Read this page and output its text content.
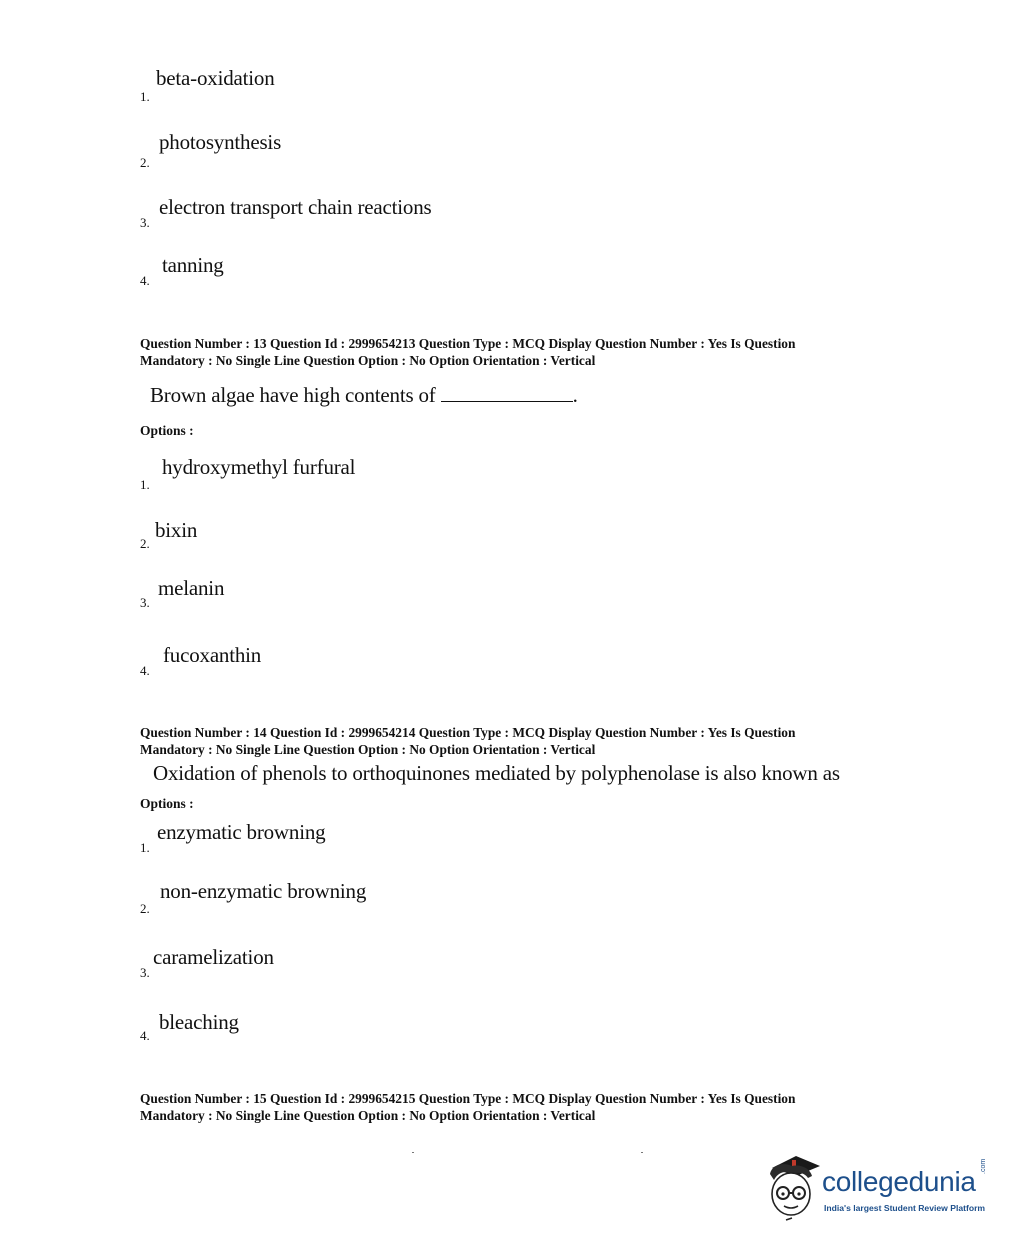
beta-oxidation
1.
photosynthesis
2.
electron transport chain reactions
3.
tanning
4.
Question Number : 13 Question Id : 2999654213 Question Type : MCQ Display Question Number : Yes Is Question
Mandatory : No Single Line Question Option : No Option Orientation : Vertical
Brown algae have high contents of	.
Options :
hydroxymethyl furfural
1.
bixin
2.
melanin
3.
fucoxanthin
4.
Question Number : 14 Question Id : 2999654214 Question Type : MCQ Display Question Number : Yes Is Question
Mandatory : No Single Line Question Option : No Option Orientation : Vertical
Oxidation of phenols to orthoquinones mediated by polyphenolase is also known as
Options :
enzymatic browning
1.
non-enzymatic browning
2.
caramelization
3.
bleaching
4.
Question Number : 15 Question Id : 2999654215 Question Type : MCQ Display Question Number : Yes Is Question
Mandatory : No Single Line Question Option : No Option Orientation : Vertical
collegedunia .com
India's largest Student Review Platform
